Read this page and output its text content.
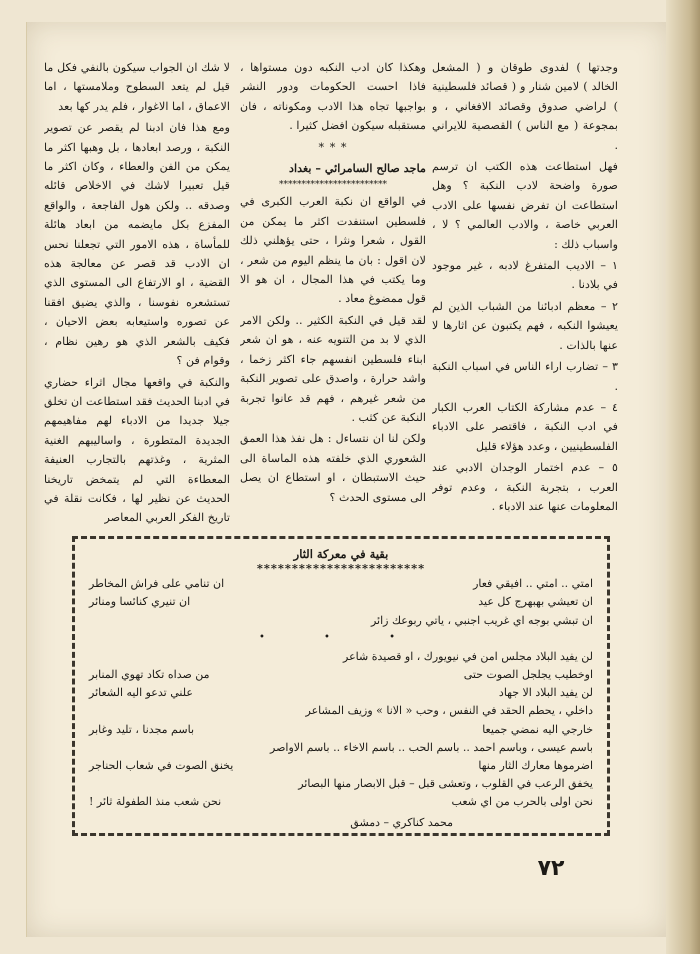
وجدتها ) لفدوى طوقان و ( المشعل الخالد ) لامين شنار و ( قصائد فلسطينية ) لراضي صدوق وقصائد الافغاني ، و بمجوعة ( مع الناس ) القصصية للايراني .

فهل استطاعت هذه الكتب ان ترسم صورة واضحة لادب النكبة ؟ وهل استطاعت ان تفرض نفسها على الادب العربي خاصة ، والادب العالمي ؟ لا ، واسباب ذلك :

١ – الاديب المتفرغ لادبه ، غير موجود في بلادنا .

٢ – معظم ادبائنا من الشباب الذين لم يعيشوا النكبه ، فهم يكتبون عن اثارها لا عنها بالذات .

٣ – تضارب اراء الناس في اسباب النكبة .

٤ – عدم مشاركة الكتاب العرب الكبار في ادب النكبة ، فاقتصر على الادباء الفلسطينيين ، وعدد هؤلاء قليل

٥ – عدم اختمار الوجدان الادبي عند العرب ، بتجربة النكبة ، وعدم توفر المعلومات عنها عند الادباء .

وهكذا كان ادب النكبه دون مستواها ، فاذا احست الحكومات ودور النشر بواجبها تجاه هذا الادب ومكوناته ، فان مستقبله سيكون افضل كثيرا .

* * *
ماجد صالح السامرائي – بغداد
************************

في الواقع ان نكبة العرب الكبرى في فلسطين استنفدت اكثر ما يمكن من القول ، شعرا ونثرا ، حتى يؤهلني ذلك لان اقول : بان ما ينظم اليوم من شعر ، وما يكتب في هذا المجال ، ان هو الا قول ممضوغ معاد .

لقد قيل في النكبة الكثير .. ولكن الامر الذي لا بد من التنويه عنه ، هو ان شعر ابناء فلسطين انفسهم جاء اكثر زخما ، واشد حرارة ، واصدق على تصوير النكبة من شعر غيرهم ، فهم قد عانوا تجربة النكبة عن كثب .

ولكن لنا ان نتساءل : هل نفذ هذا العمق الشعوري الذي خلفته هذه الماساة الى حيث الاستبطان ، او استطاع ان يصل الى مستوى الحدث ؟

لا شك ان الجواب سيكون بالنفي فكل ما قيل لم يتعد السطوح وملامستها ، اما الاعماق ، اما الاغوار ، فلم يدر كها بعد

ومع هذا فان ادبنا لم يقصر عن تصوير النكبة ، ورصد ابعادها ، بل وهبها اكثر ما يمكن من الفن والعطاء ، وكان اكثر ما قيل تعبيرا لاشك في الاخلاص قائله وصدقه .. ولكن هول الفاجعة ، والواقع المفزع بكل مايضمه من ابعاد هائلة للمأساة ، هذه الامور التي تجعلنا نحس ان الادب قد قصر عن معالجة هذه القضية ، او الارتفاع الى المستوى الذي تستشعره نفوسنا ، والذي يضيق افقنا عن تصوره واستيعابه بعض الاحيان ، فكيف بالشعر الذي هو رهين نظام ، وقوام فن ؟

والنكبة في واقعها مجال اثراء حضاري في ادبنا الحديث فقد استطاعت ان تخلق جيلا جديدا من الادباء لهم مفاهيمهم الجديدة المتطورة ، واساليبهم الغنية المثرية ، وغذتهم بالتجارب العنيفة المعطاءة التي لم يتمخض تاريخنا الحديث عن نظير لها ، فكانت نقلة في تاريخ الفكر العربي المعاصر

بقية في معركة الثار
************************
امتي .. امتي .. افيقي فعار
ان تنامي على فراش المخاطر
ان تعيشي بهبهرج كل عيد
ان تنيري كنائسا ومنائر
ان تبشي بوجه اي غريب اجنبي ، ياتي ربوعك زائر
• • •
لن يفيد البلاد مجلس امن في نيويورك ، او قصيدة شاعر
اوخطيب يجلجل الصوت حتى
من صداه تكاد تهوي المنابر
لن يفيد البلاد الا جهاد
علني تدعو اليه الشعائر
داخلي ، يحطم الحقد في النفس ، وحب « الانا » وزيف المشاعر
خارجي اليه نمضي جميعا
باسم مجدنا ، تليد وغابر
باسم عيسى ، وباسم احمد .. باسم الحب .. باسم الاخاء .. باسم الاواصر
اضرموها معارك الثار منها
يخنق الصوت في شعاب الحناجر
يخفق الرعب في القلوب ، وتعشى قبل – قبل الابصار منها البصائر
نحن اولى بالحرب من اي شعب
نحن شعب منذ الطفولة ثائر !
محمد كناكري – دمشق
٧٢
